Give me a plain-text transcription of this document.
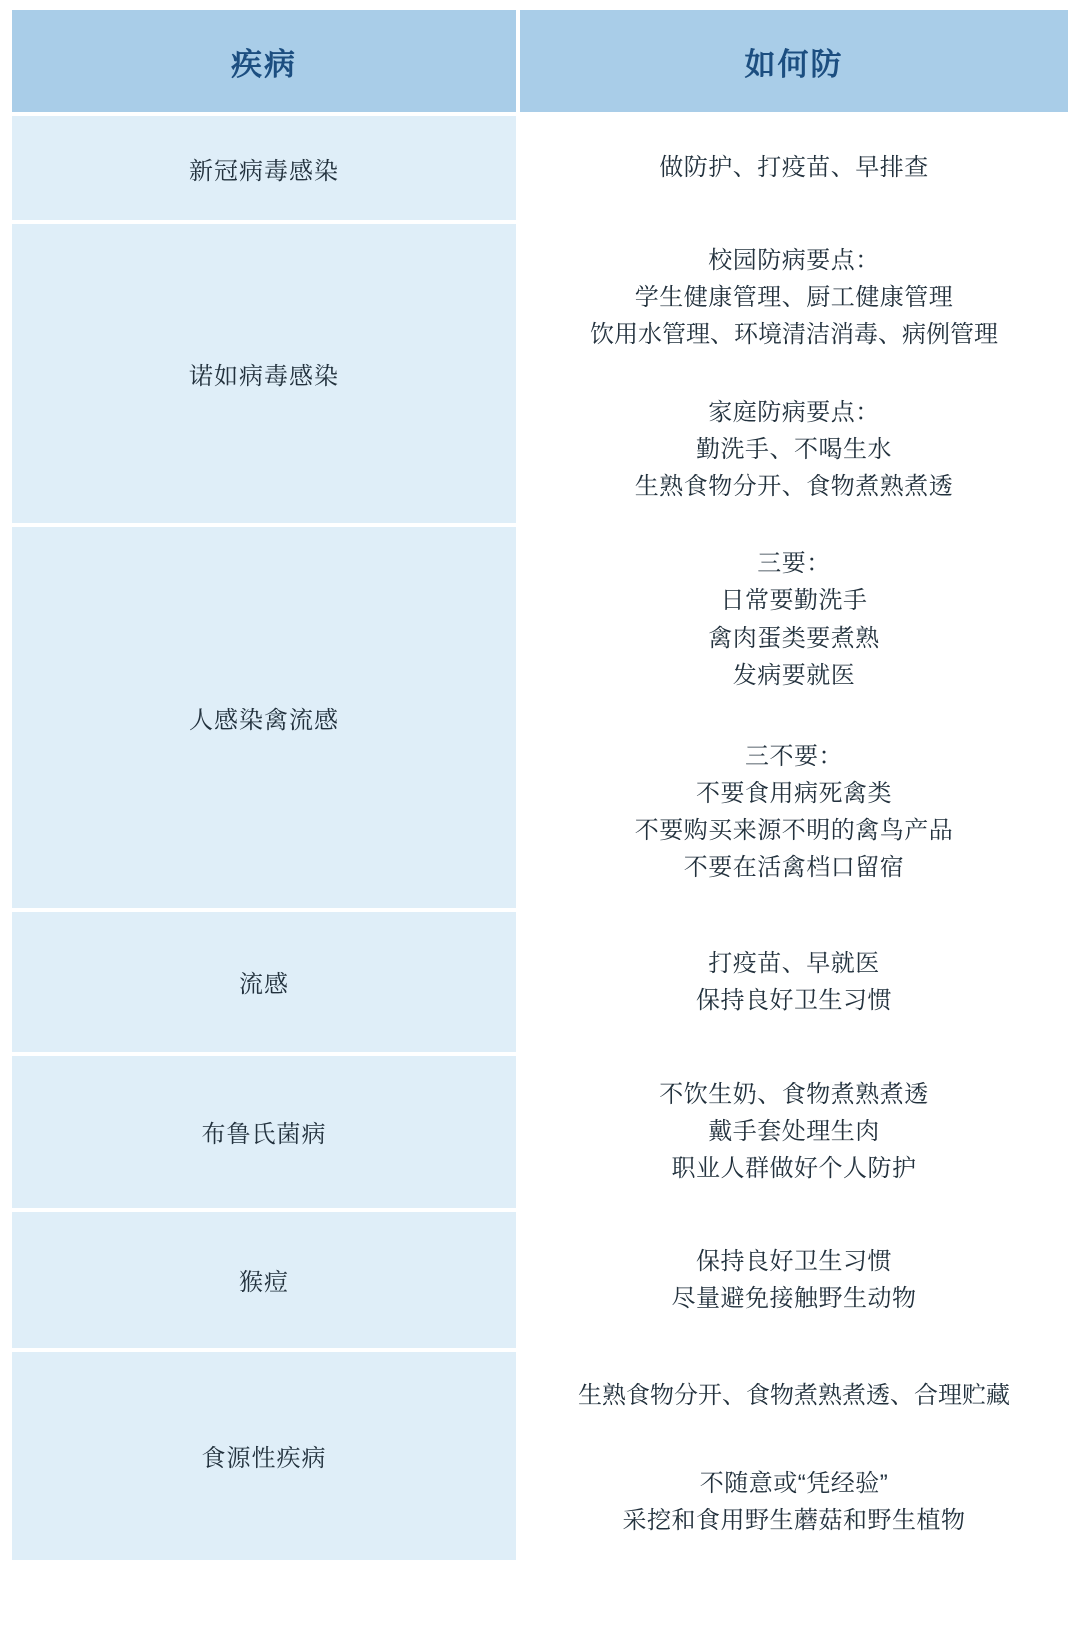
疾病	如何防
新冠病毒感染	做防护、打疫苗、早排查

诺如病毒感染	校园防病要点：
学生健康管理、厨工健康管理
饮用水管理、环境清洁消毒、病例管理

	家庭防病要点：
勤洗手、不喝生水
生熟食物分开、食物煮熟煮透

人感染禽流感	三要：
日常要勤洗手
禽肉蛋类要煮熟
发病要就医

	三不要：
不要食用病死禽类
不要购买来源不明的禽鸟产品
不要在活禽档口留宿

流感	打疫苗、早就医
保持良好卫生习惯

布鲁氏菌病	不饮生奶、食物煮熟煮透
戴手套处理生肉
职业人群做好个人防护

猴痘	保持良好卫生习惯
尽量避免接触野生动物

食源性疾病	生熟食物分开、食物煮熟煮透、合理贮藏

	不随意或“凭经验”
采挖和食用野生蘑菇和野生植物
